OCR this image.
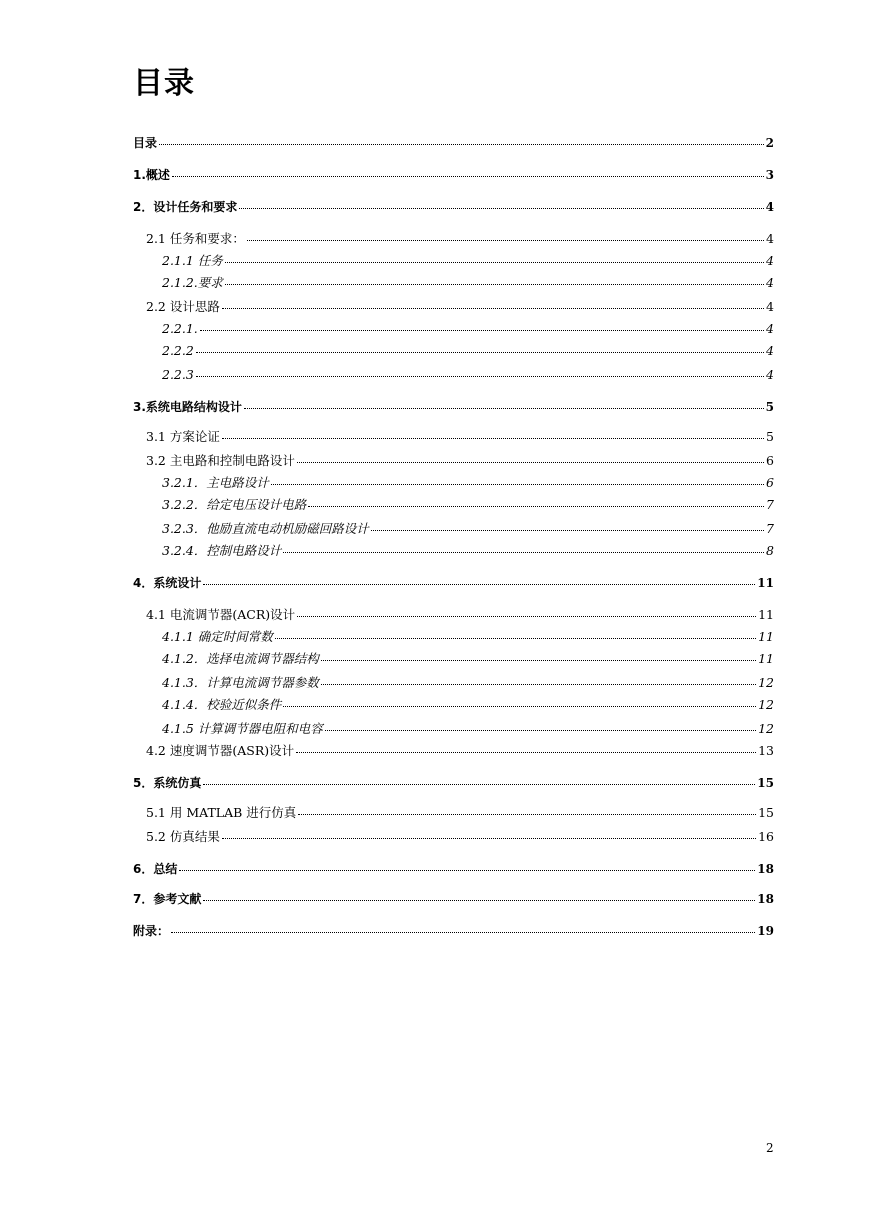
目录
目录	2
1.概述	3
2．设计任务和要求	4
2.1 任务和要求：	4
2.1.1 任务	4
2.1.2.要求	4
2.2 设计思路	4
2.2.1.	4
2.2.2	4
2.2.3	4
3.系统电路结构设计	5
3.1 方案论证	5
3.2 主电路和控制电路设计	6
3.2.1．主电路设计	6
3.2.2．给定电压设计电路	7
3.2.3．他励直流电动机励磁回路设计	7
3.2.4．控制电路设计	8
4．系统设计	11
4.1 电流调节器(ACR)设计	11
4.1.1 确定时间常数	11
4.1.2．选择电流调节器结构	11
4.1.3．计算电流调节器参数	12
4.1.4．校验近似条件	12
4.1.5 计算调节器电阻和电容	12
4.2 速度调节器(ASR)设计	13
5．系统仿真	15
5.1 用 MATLAB 进行仿真	15
5.2 仿真结果	16
6．总结	18
7．参考文献	18
附录：	19
2
